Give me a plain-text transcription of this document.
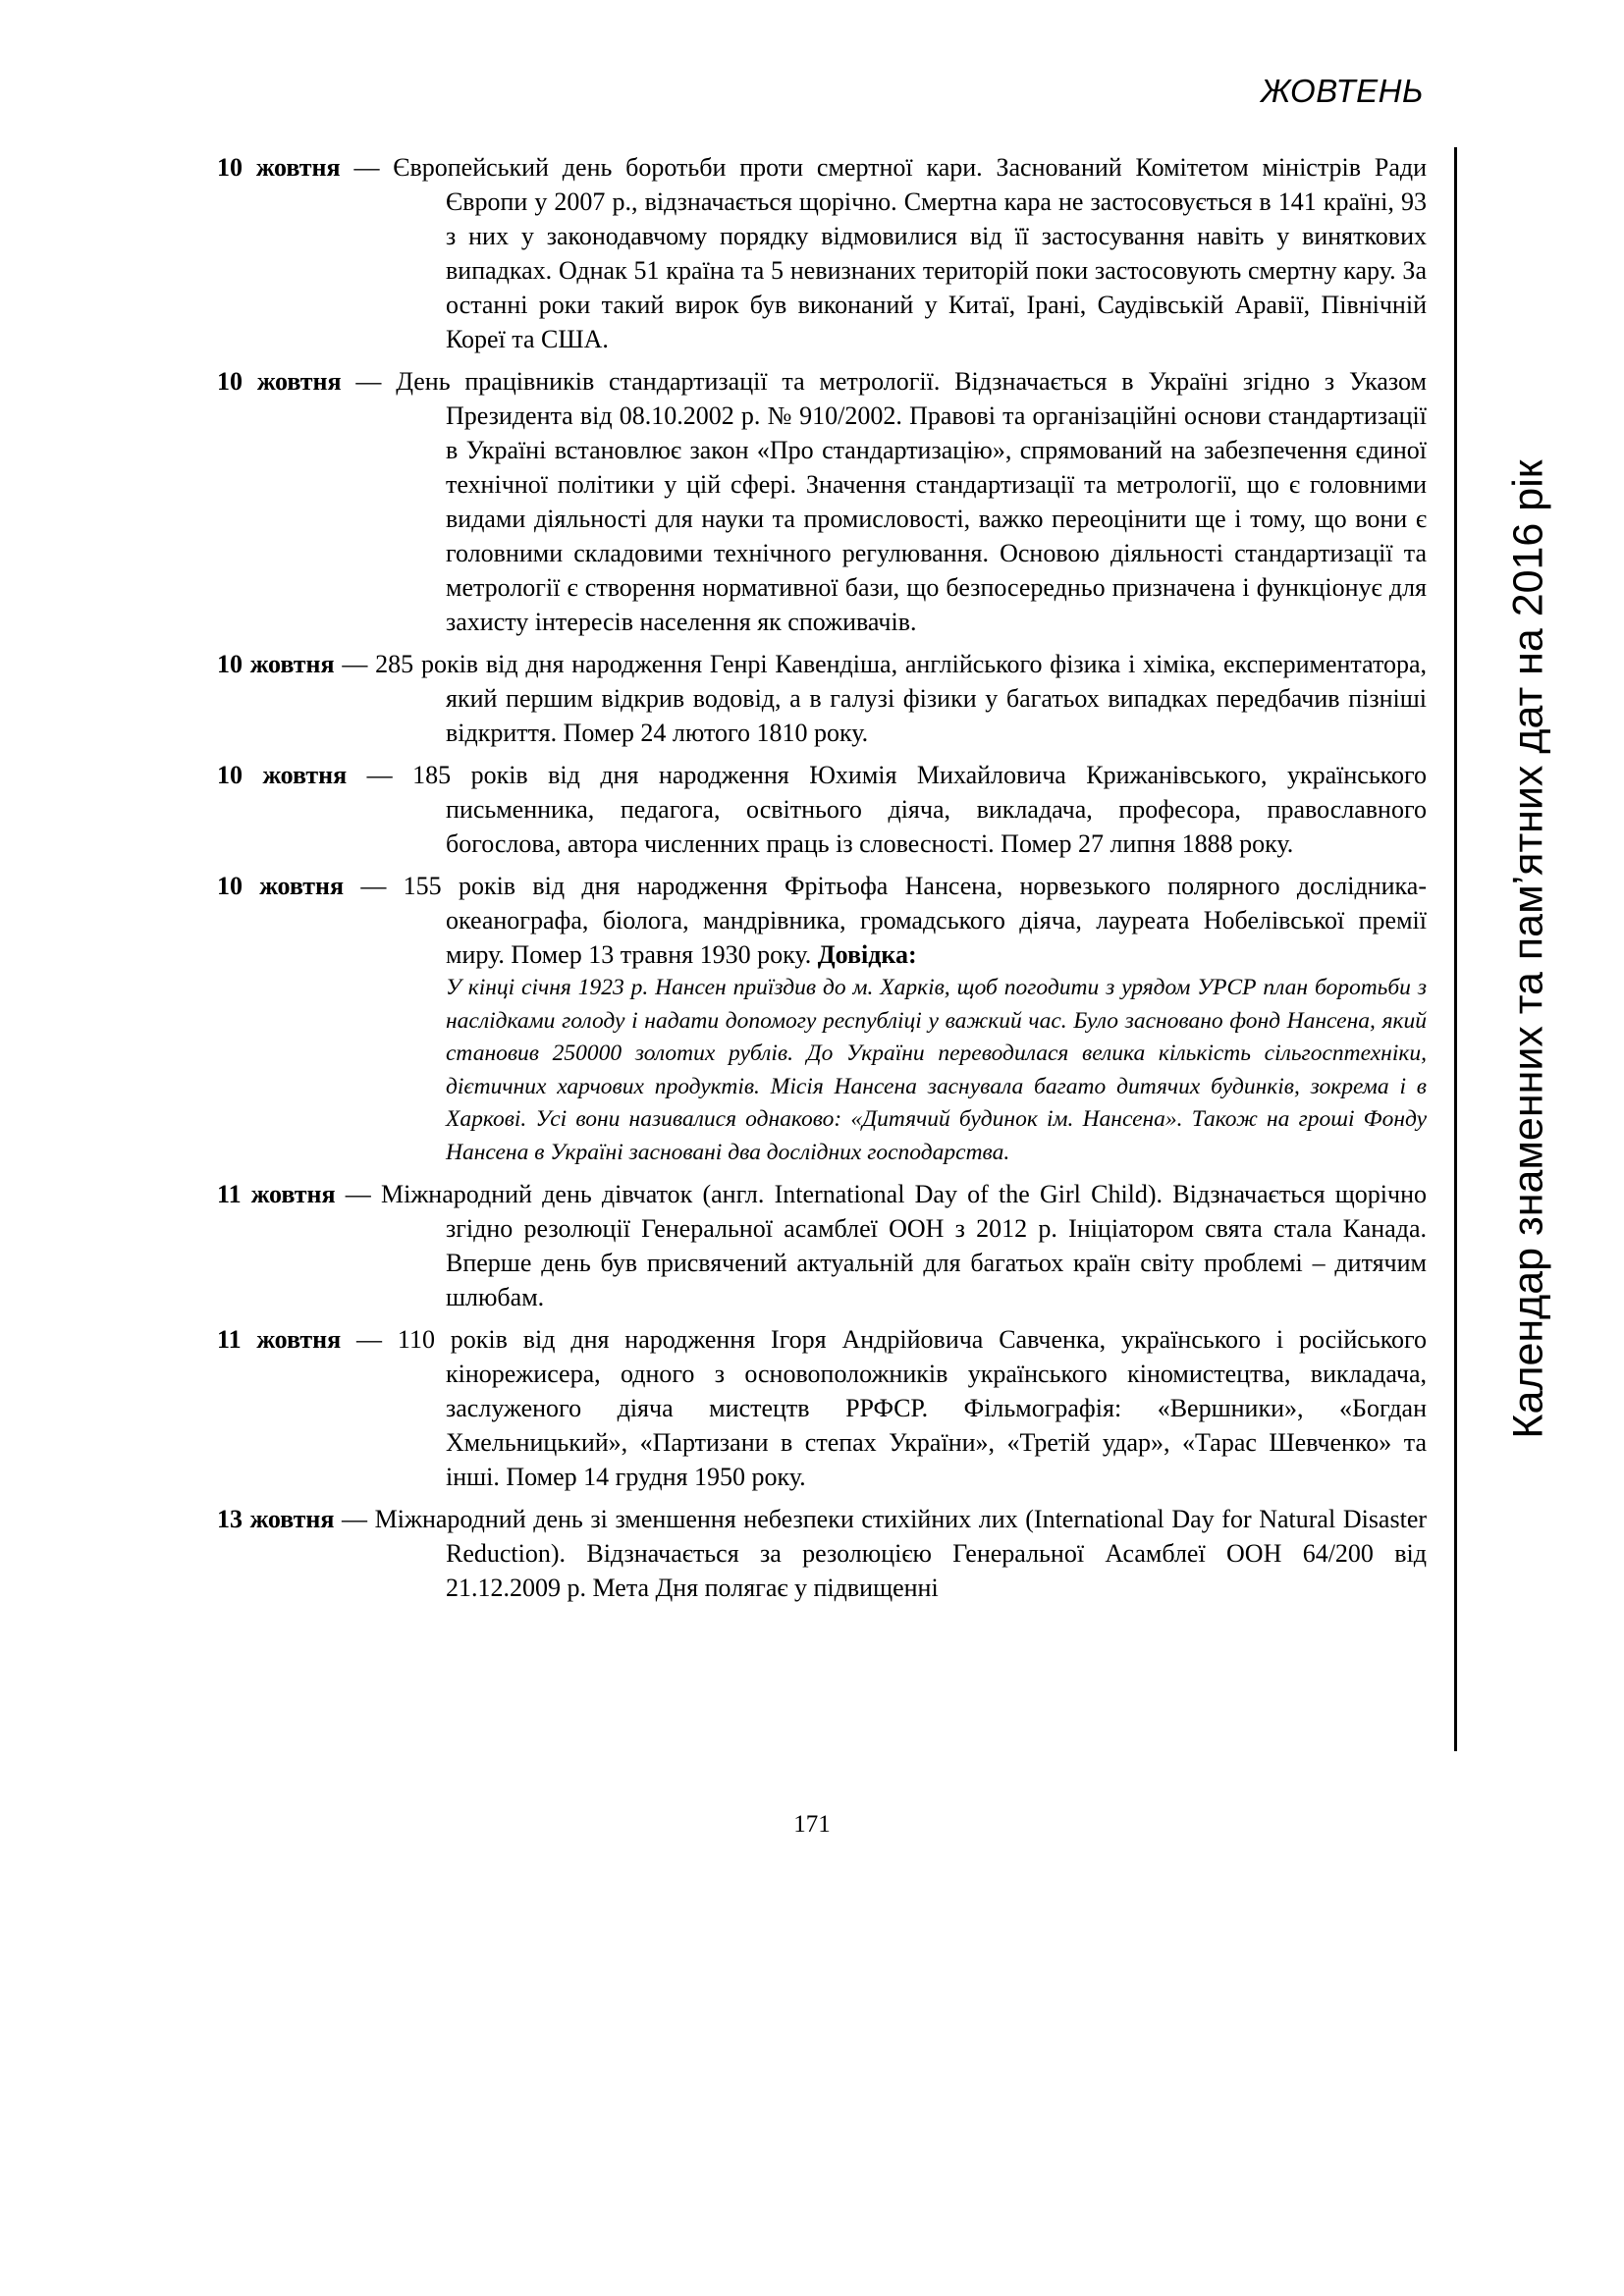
ЖОВТЕНЬ
Календар знаменних та пам’ятних дат на 2016 рік

10 жовтня — Європейський день боротьби проти смертної кари. Заснований Комітетом міністрів Ради Європи у 2007 р., відзначається щорічно. Смертна кара не застосовується в 141 країні, 93 з них у законодавчому порядку відмовилися від її застосування навіть у виняткових випадках. Однак 51 країна та 5 невизнаних територій поки застосовують смертну кару. За останні роки такий вирок був виконаний у Китаї, Ірані, Саудівській Аравії, Північній Кореї та США.

10 жовтня — День працівників стандартизації та метрології. Відзначається в Україні згідно з Указом Президента від 08.10.2002 р. № 910/2002. Правові та організаційні основи стандартизації в Україні встановлює закон «Про стандартизацію», спрямований на забезпечення єдиної технічної політики у цій сфері. Значення стандартизації та метрології, що є головними видами діяльності для науки та промисловості, важко переоцінити ще і тому, що вони є головними складовими технічного регулювання. Основою діяльності стандартизації та метрології є створення нормативної бази, що безпосередньо призначена і функціонує для захисту інтересів населення як споживачів.

10 жовтня — 285 років від дня народження Генрі Кавендіша, англійського фізика і хіміка, експериментатора, який першим відкрив водовід, а в галузі фізики у багатьох випадках передбачив пізніші відкриття. Помер 24 лютого 1810 року.

10 жовтня — 185 років від дня народження Юхимія Михайловича Крижанівського, українського письменника, педагога, освітнього діяча, викладача, професора, православного богослова, автора численних праць із словесності. Помер 27 липня 1888 року.

10 жовтня — 155 років від дня народження Фрітьофа Нансена, норвезького полярного дослідника-океанографа, біолога, мандрівника, громадського діяча, лауреата Нобелівської премії миру. Помер 13 травня 1930 року. Довідка:
У кінці січня 1923 р. Нансен приїздив до м. Харків, щоб погодити з урядом УРСР план боротьби з наслідками голоду і надати допомогу республіці у важкий час. Було засновано фонд Нансена, який становив 250000 золотих рублів. До України переводилася велика кількість сільгосптехніки, дієтичних харчових продуктів. Місія Нансена заснувала багато дитячих будинків, зокрема і в Харкові. Усі вони називалися однаково: «Дитячий будинок ім. Нансена». Також на гроші Фонду Нансена в Україні засновані два дослідних господарства.

11 жовтня — Міжнародний день дівчаток (англ. International Day of the Girl Child). Відзначається щорічно згідно резолюції Генеральної асамблеї ООН з 2012 р. Ініціатором свята стала Канада. Вперше день був присвячений актуальній для багатьох країн світу проблемі – дитячим шлюбам.

11 жовтня — 110 років від дня народження Ігоря Андрійовича Савченка, українського і російського кінорежисера, одного з основоположників українського кіномистецтва, викладача, заслуженого діяча мистецтв РРФСР. Фільмографія: «Вершники», «Богдан Хмельницький», «Партизани в степах України», «Третій удар», «Тарас Шевченко» та інші. Помер 14 грудня 1950 року.

13 жовтня — Міжнародний день зі зменшення небезпеки стихійних лих (International Day for Natural Disaster Reduction). Відзначається за резолюцією Генеральної Асамблеї ООН 64/200 від 21.12.2009 р. Мета Дня полягає у підвищенні

171
